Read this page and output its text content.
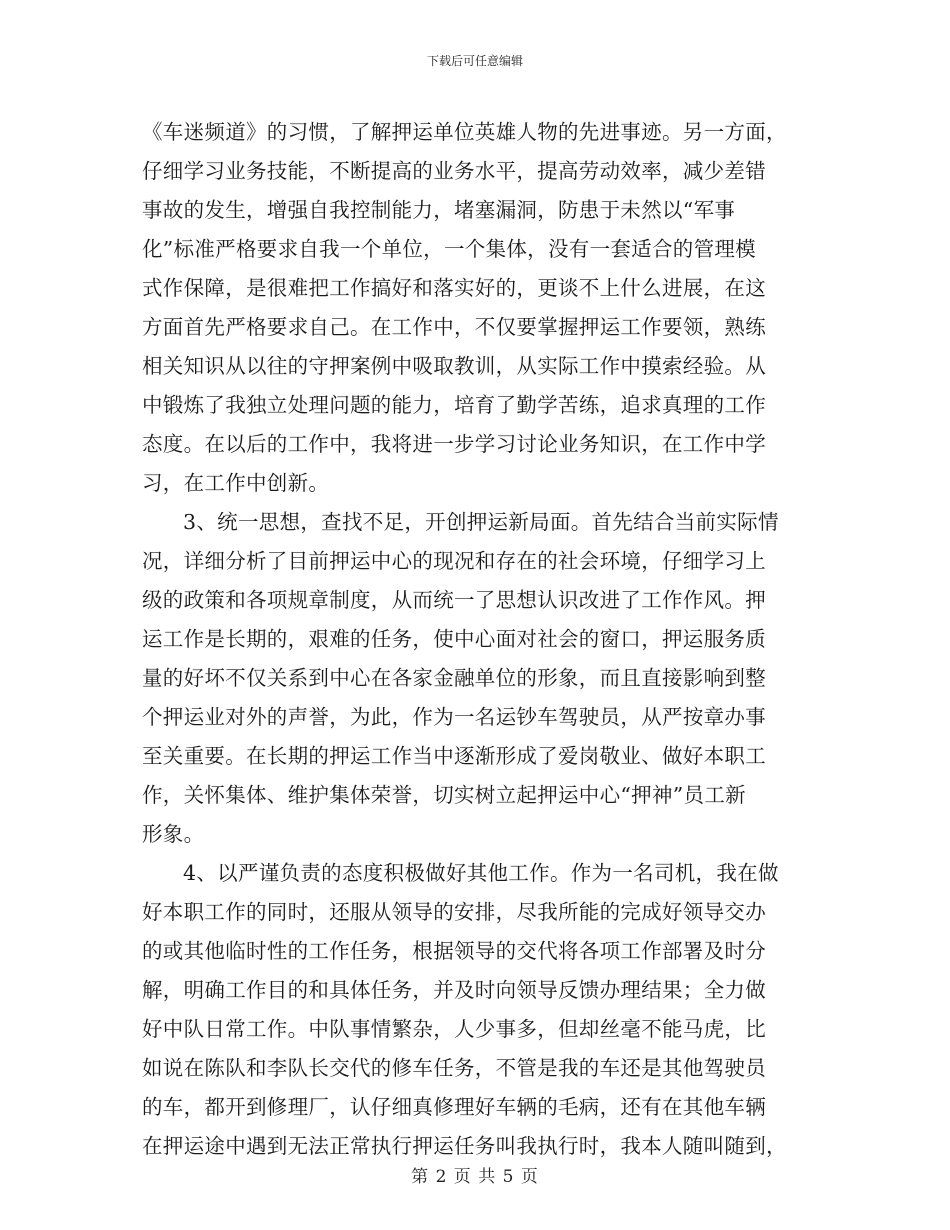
下载后可任意编辑
《车迷频道》的习惯，了解押运单位英雄人物的先进事迹。另一方面，
仔细学习业务技能，不断提高的业务水平，提高劳动效率，减少差错
事故的发生，增强自我控制能力，堵塞漏洞，防患于未然以“军事
化”标准严格要求自我一个单位，一个集体，没有一套适合的管理模
式作保障，是很难把工作搞好和落实好的，更谈不上什么进展，在这
方面首先严格要求自己。在工作中，不仅要掌握押运工作要领，熟练
相关知识从以往的守押案例中吸取教训，从实际工作中摸索经验。从
中锻炼了我独立处理问题的能力，培育了勤学苦练，追求真理的工作
态度。在以后的工作中，我将进一步学习讨论业务知识，在工作中学
习，在工作中创新。
3、统一思想，查找不足，开创押运新局面。首先结合当前实际情
况，详细分析了目前押运中心的现况和存在的社会环境，仔细学习上
级的政策和各项规章制度，从而统一了思想认识改进了工作作风。押
运工作是长期的，艰难的任务，使中心面对社会的窗口，押运服务质
量的好坏不仅关系到中心在各家金融单位的形象，而且直接影响到整
个押运业对外的声誉，为此，作为一名运钞车驾驶员，从严按章办事
至关重要。在长期的押运工作当中逐渐形成了爱岗敬业、做好本职工
作，关怀集体、维护集体荣誉，切实树立起押运中心“押神”员工新
形象。
4、以严谨负责的态度积极做好其他工作。作为一名司机，我在做
好本职工作的同时，还服从领导的安排，尽我所能的完成好领导交办
的或其他临时性的工作任务，根据领导的交代将各项工作部署及时分
解，明确工作目的和具体任务，并及时向领导反馈办理结果；全力做
好中队日常工作。中队事情繁杂，人少事多，但却丝毫不能马虎，比
如说在陈队和李队长交代的修车任务，不管是我的车还是其他驾驶员
的车，都开到修理厂，认仔细真修理好车辆的毛病，还有在其他车辆
在押运途中遇到无法正常执行押运任务叫我执行时，我本人随叫随到，
第 2 页 共 5 页
